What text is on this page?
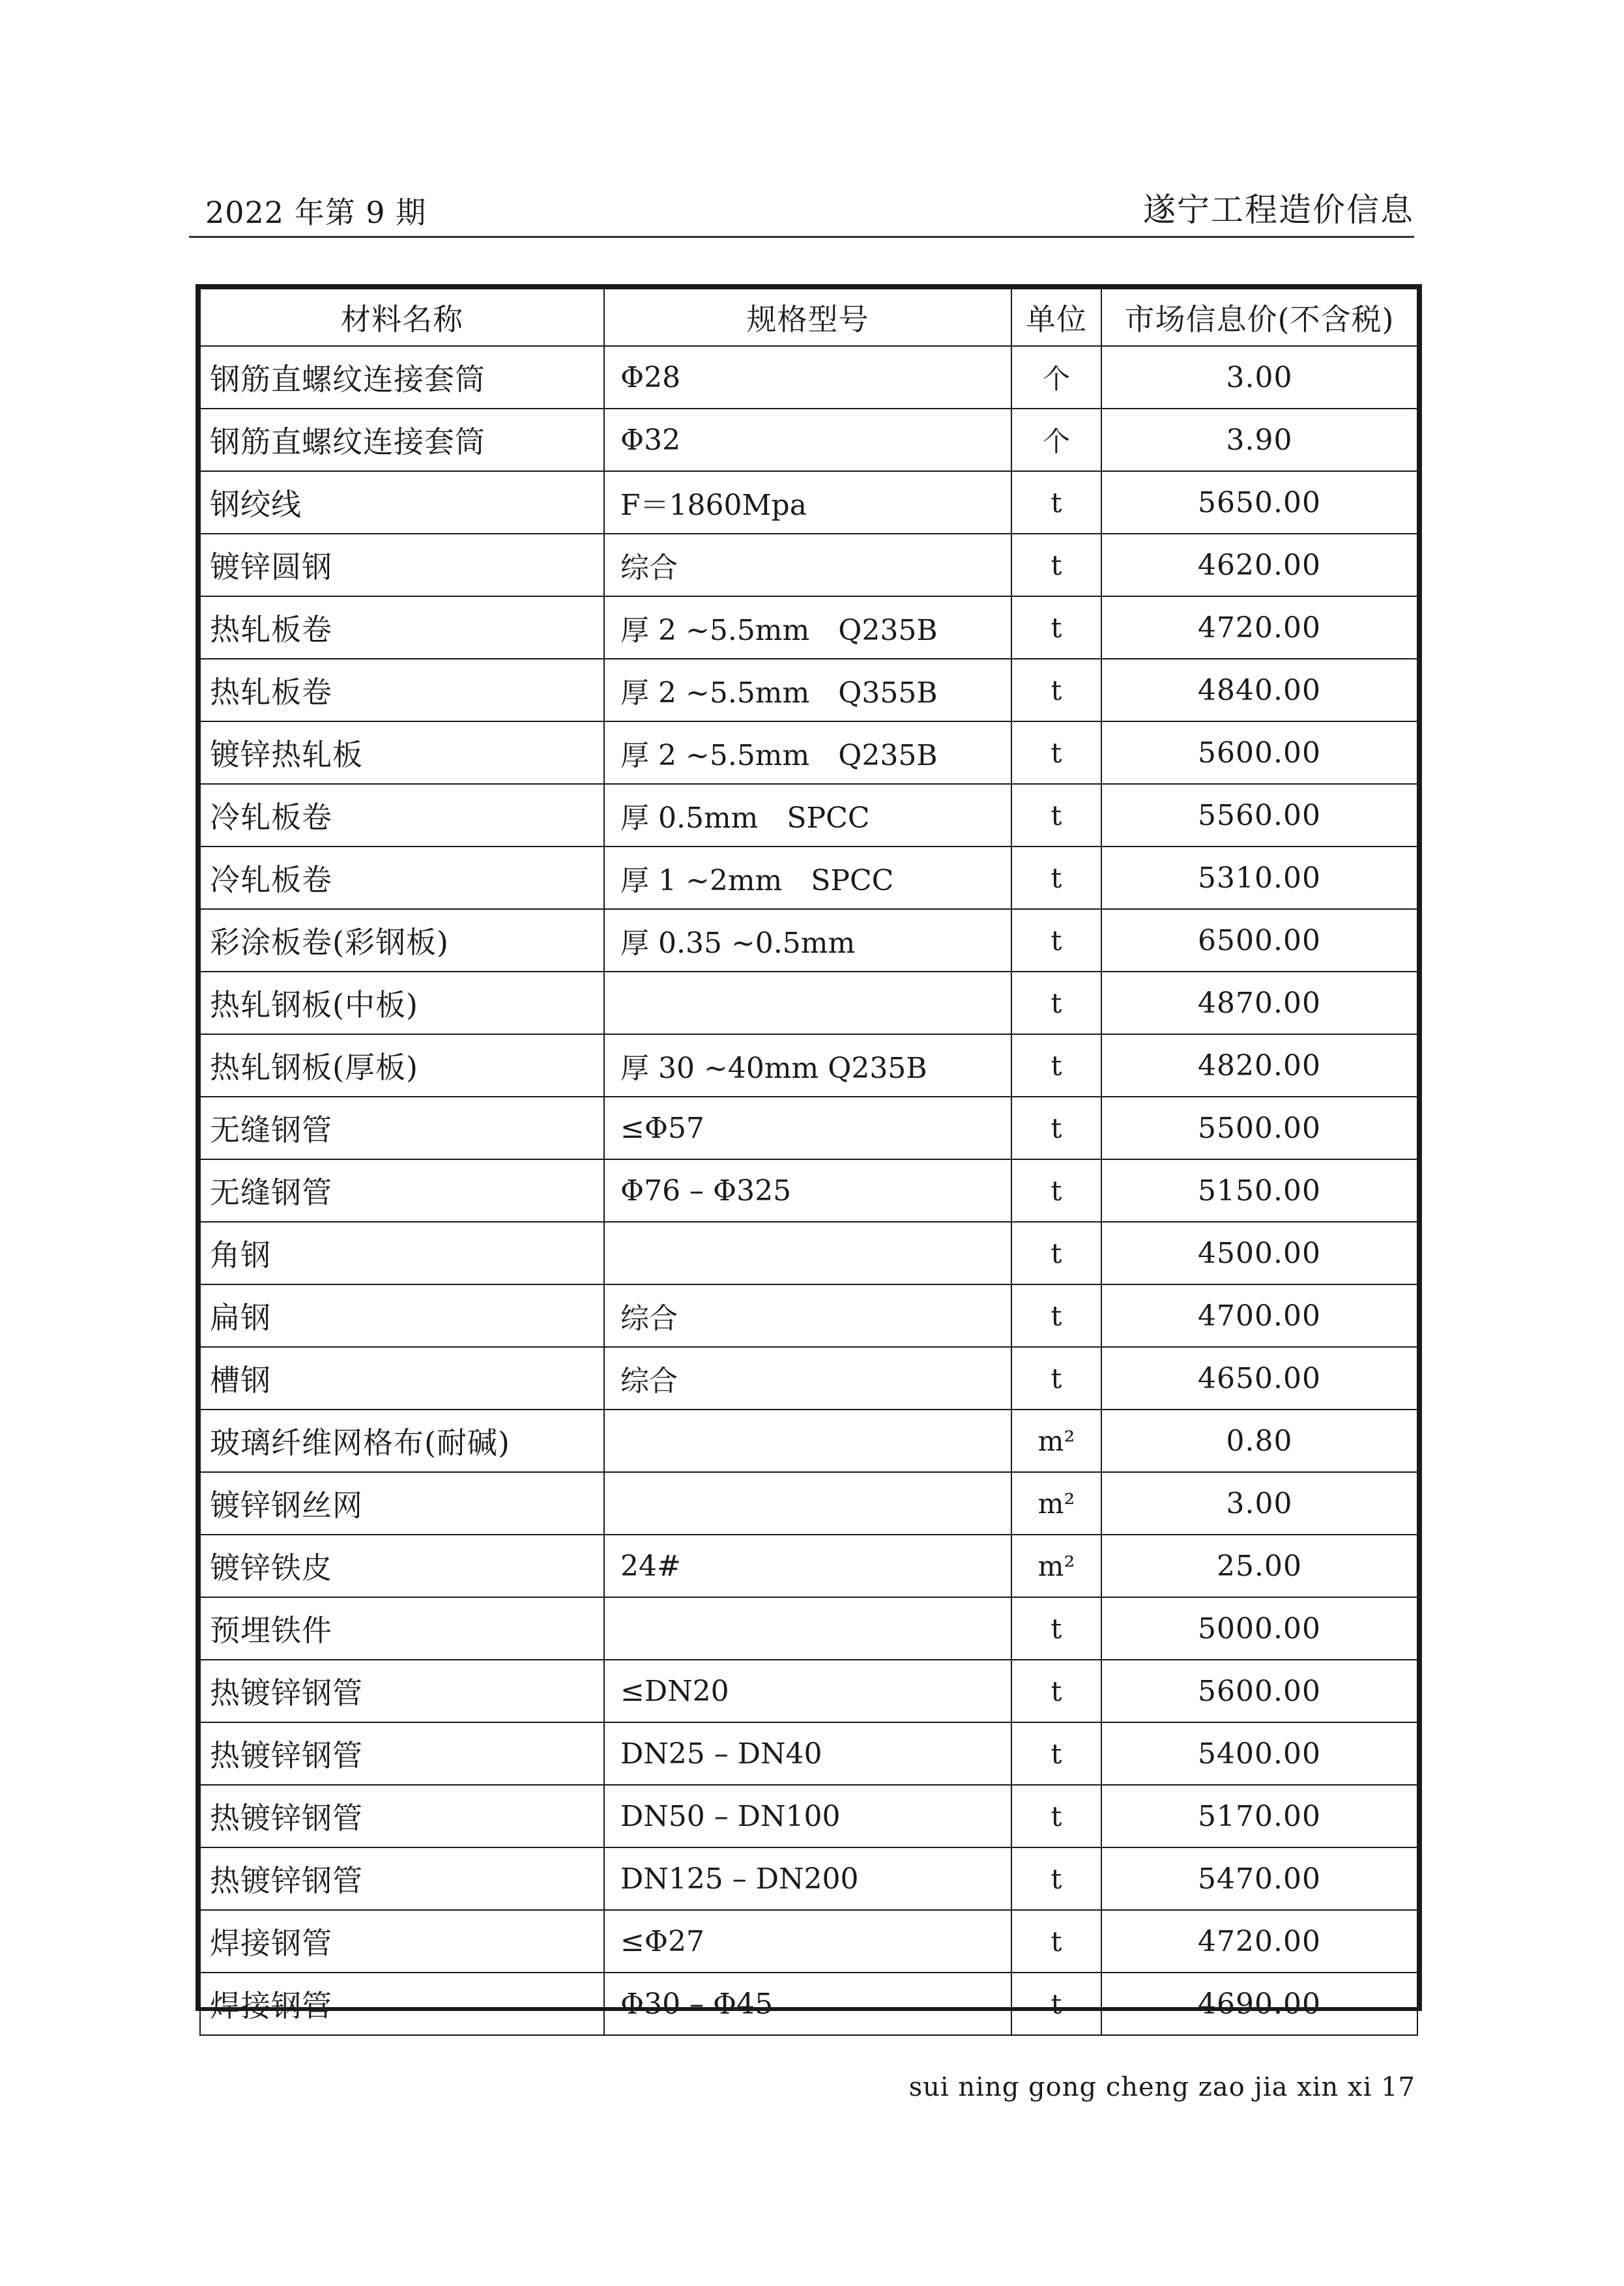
2022 年第 9 期	遂宁工程造价信息
材料名称	规格型号	单位	市场信息价(不含税)
钢筋直螺纹连接套筒	Φ28	个	3.00
钢筋直螺纹连接套筒	Φ32	个	3.90
钢绞线	F＝1860Mpa	t	5650.00
镀锌圆钢	综合	t	4620.00
热轧板卷	厚 2 ~5.5mm　Q235B	t	4720.00
热轧板卷	厚 2 ~5.5mm　Q355B	t	4840.00
镀锌热轧板	厚 2 ~5.5mm　Q235B	t	5600.00
冷轧板卷	厚 0.5mm　SPCC	t	5560.00
冷轧板卷	厚 1 ~2mm　SPCC	t	5310.00
彩涂板卷(彩钢板)	厚 0.35 ~0.5mm	t	6500.00
热轧钢板(中板)		t	4870.00
热轧钢板(厚板)	厚 30 ~40mm Q235B	t	4820.00
无缝钢管	≤Φ57	t	5500.00
无缝钢管	Φ76 – Φ325	t	5150.00
角钢		t	4500.00
扁钢	综合	t	4700.00
槽钢	综合	t	4650.00
玻璃纤维网格布(耐碱)		m²	0.80
镀锌钢丝网		m²	3.00
镀锌铁皮	24#	m²	25.00
预埋铁件		t	5000.00
热镀锌钢管	≤DN20	t	5600.00
热镀锌钢管	DN25 – DN40	t	5400.00
热镀锌钢管	DN50 – DN100	t	5170.00
热镀锌钢管	DN125 – DN200	t	5470.00
焊接钢管	≤Φ27	t	4720.00
焊接钢管	Φ30 – Φ45	t	4690.00
sui ning gong cheng zao jia xin xi 17
